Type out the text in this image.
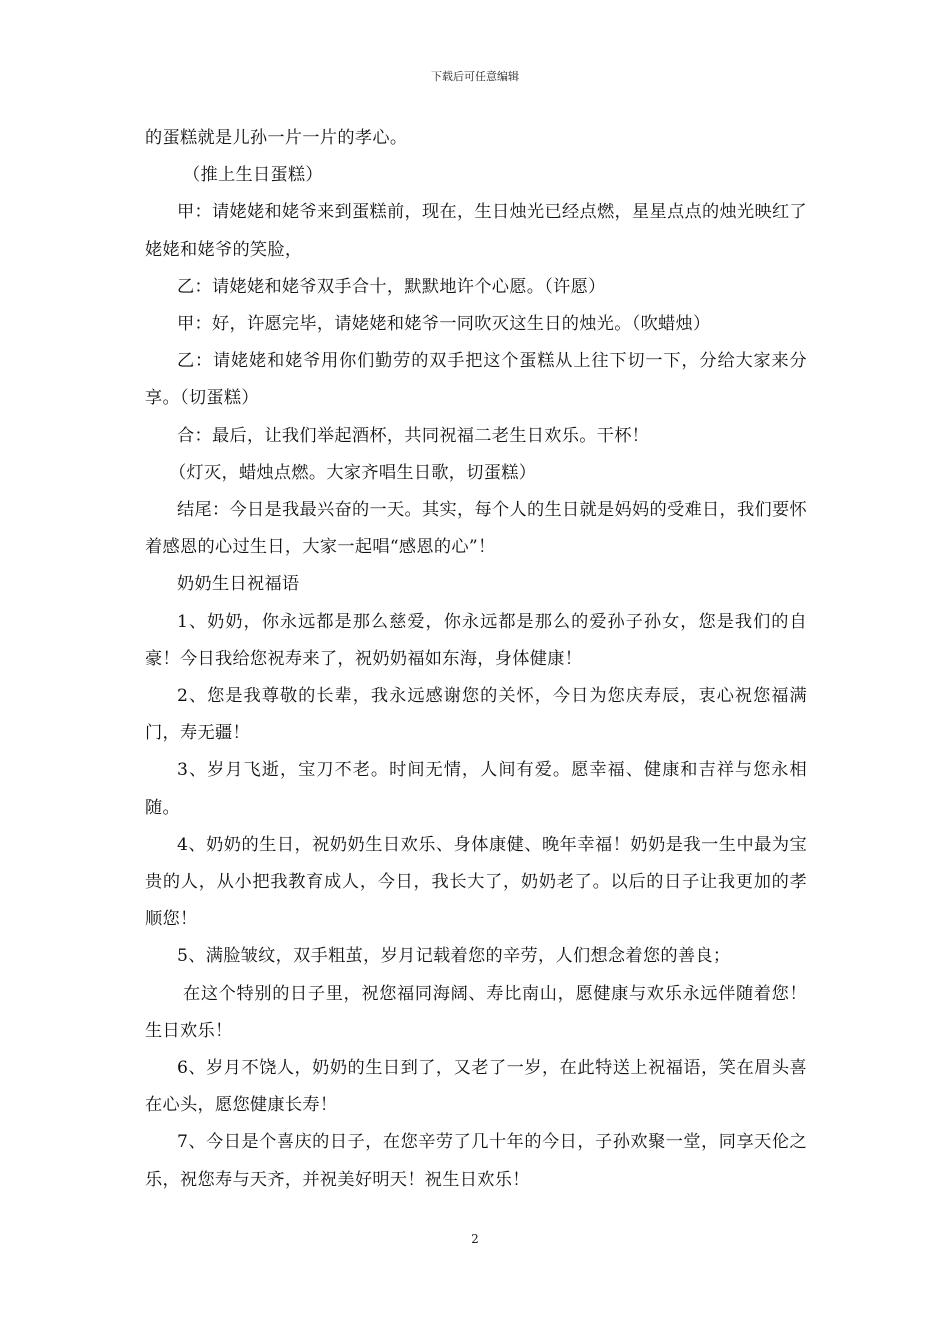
下载后可任意编辑

的蛋糕就是儿孙一片一片的孝心。

（推上生日蛋糕）

甲：请姥姥和姥爷来到蛋糕前，现在，生日烛光已经点燃，星星点点的烛光映红了姥姥和姥爷的笑脸，

乙：请姥姥和姥爷双手合十，默默地许个心愿。（许愿）

甲：好，许愿完毕，请姥姥和姥爷一同吹灭这生日的烛光。（吹蜡烛）

乙：请姥姥和姥爷用你们勤劳的双手把这个蛋糕从上往下切一下，分给大家来分享。（切蛋糕）

合：最后，让我们举起酒杯，共同祝福二老生日欢乐。干杯！

（灯灭，蜡烛点燃。大家齐唱生日歌，切蛋糕）

结尾：今日是我最兴奋的一天。其实，每个人的生日就是妈妈的受难日，我们要怀着感恩的心过生日，大家一起唱“感恩的心”！

奶奶生日祝福语

1、奶奶，你永远都是那么慈爱，你永远都是那么的爱孙子孙女，您是我们的自豪！今日我给您祝寿来了，祝奶奶福如东海，身体健康！

2、您是我尊敬的长辈，我永远感谢您的关怀，今日为您庆寿辰，衷心祝您福满门，寿无疆！

3、岁月飞逝，宝刀不老。时间无情，人间有爱。愿幸福、健康和吉祥与您永相随。

4、奶奶的生日，祝奶奶生日欢乐、身体康健、晚年幸福！奶奶是我一生中最为宝贵的人，从小把我教育成人，今日，我长大了，奶奶老了。以后的日子让我更加的孝顺您！

5、满脸皱纹，双手粗茧，岁月记载着您的辛劳，人们想念着您的善良；

在这个特别的日子里，祝您福同海阔、寿比南山，愿健康与欢乐永远伴随着您！生日欢乐！

6、岁月不饶人，奶奶的生日到了，又老了一岁，在此特送上祝福语，笑在眉头喜在心头，愿您健康长寿！

7、今日是个喜庆的日子，在您辛劳了几十年的今日，子孙欢聚一堂，同享天伦之乐，祝您寿与天齐，并祝美好明天！祝生日欢乐！

2
